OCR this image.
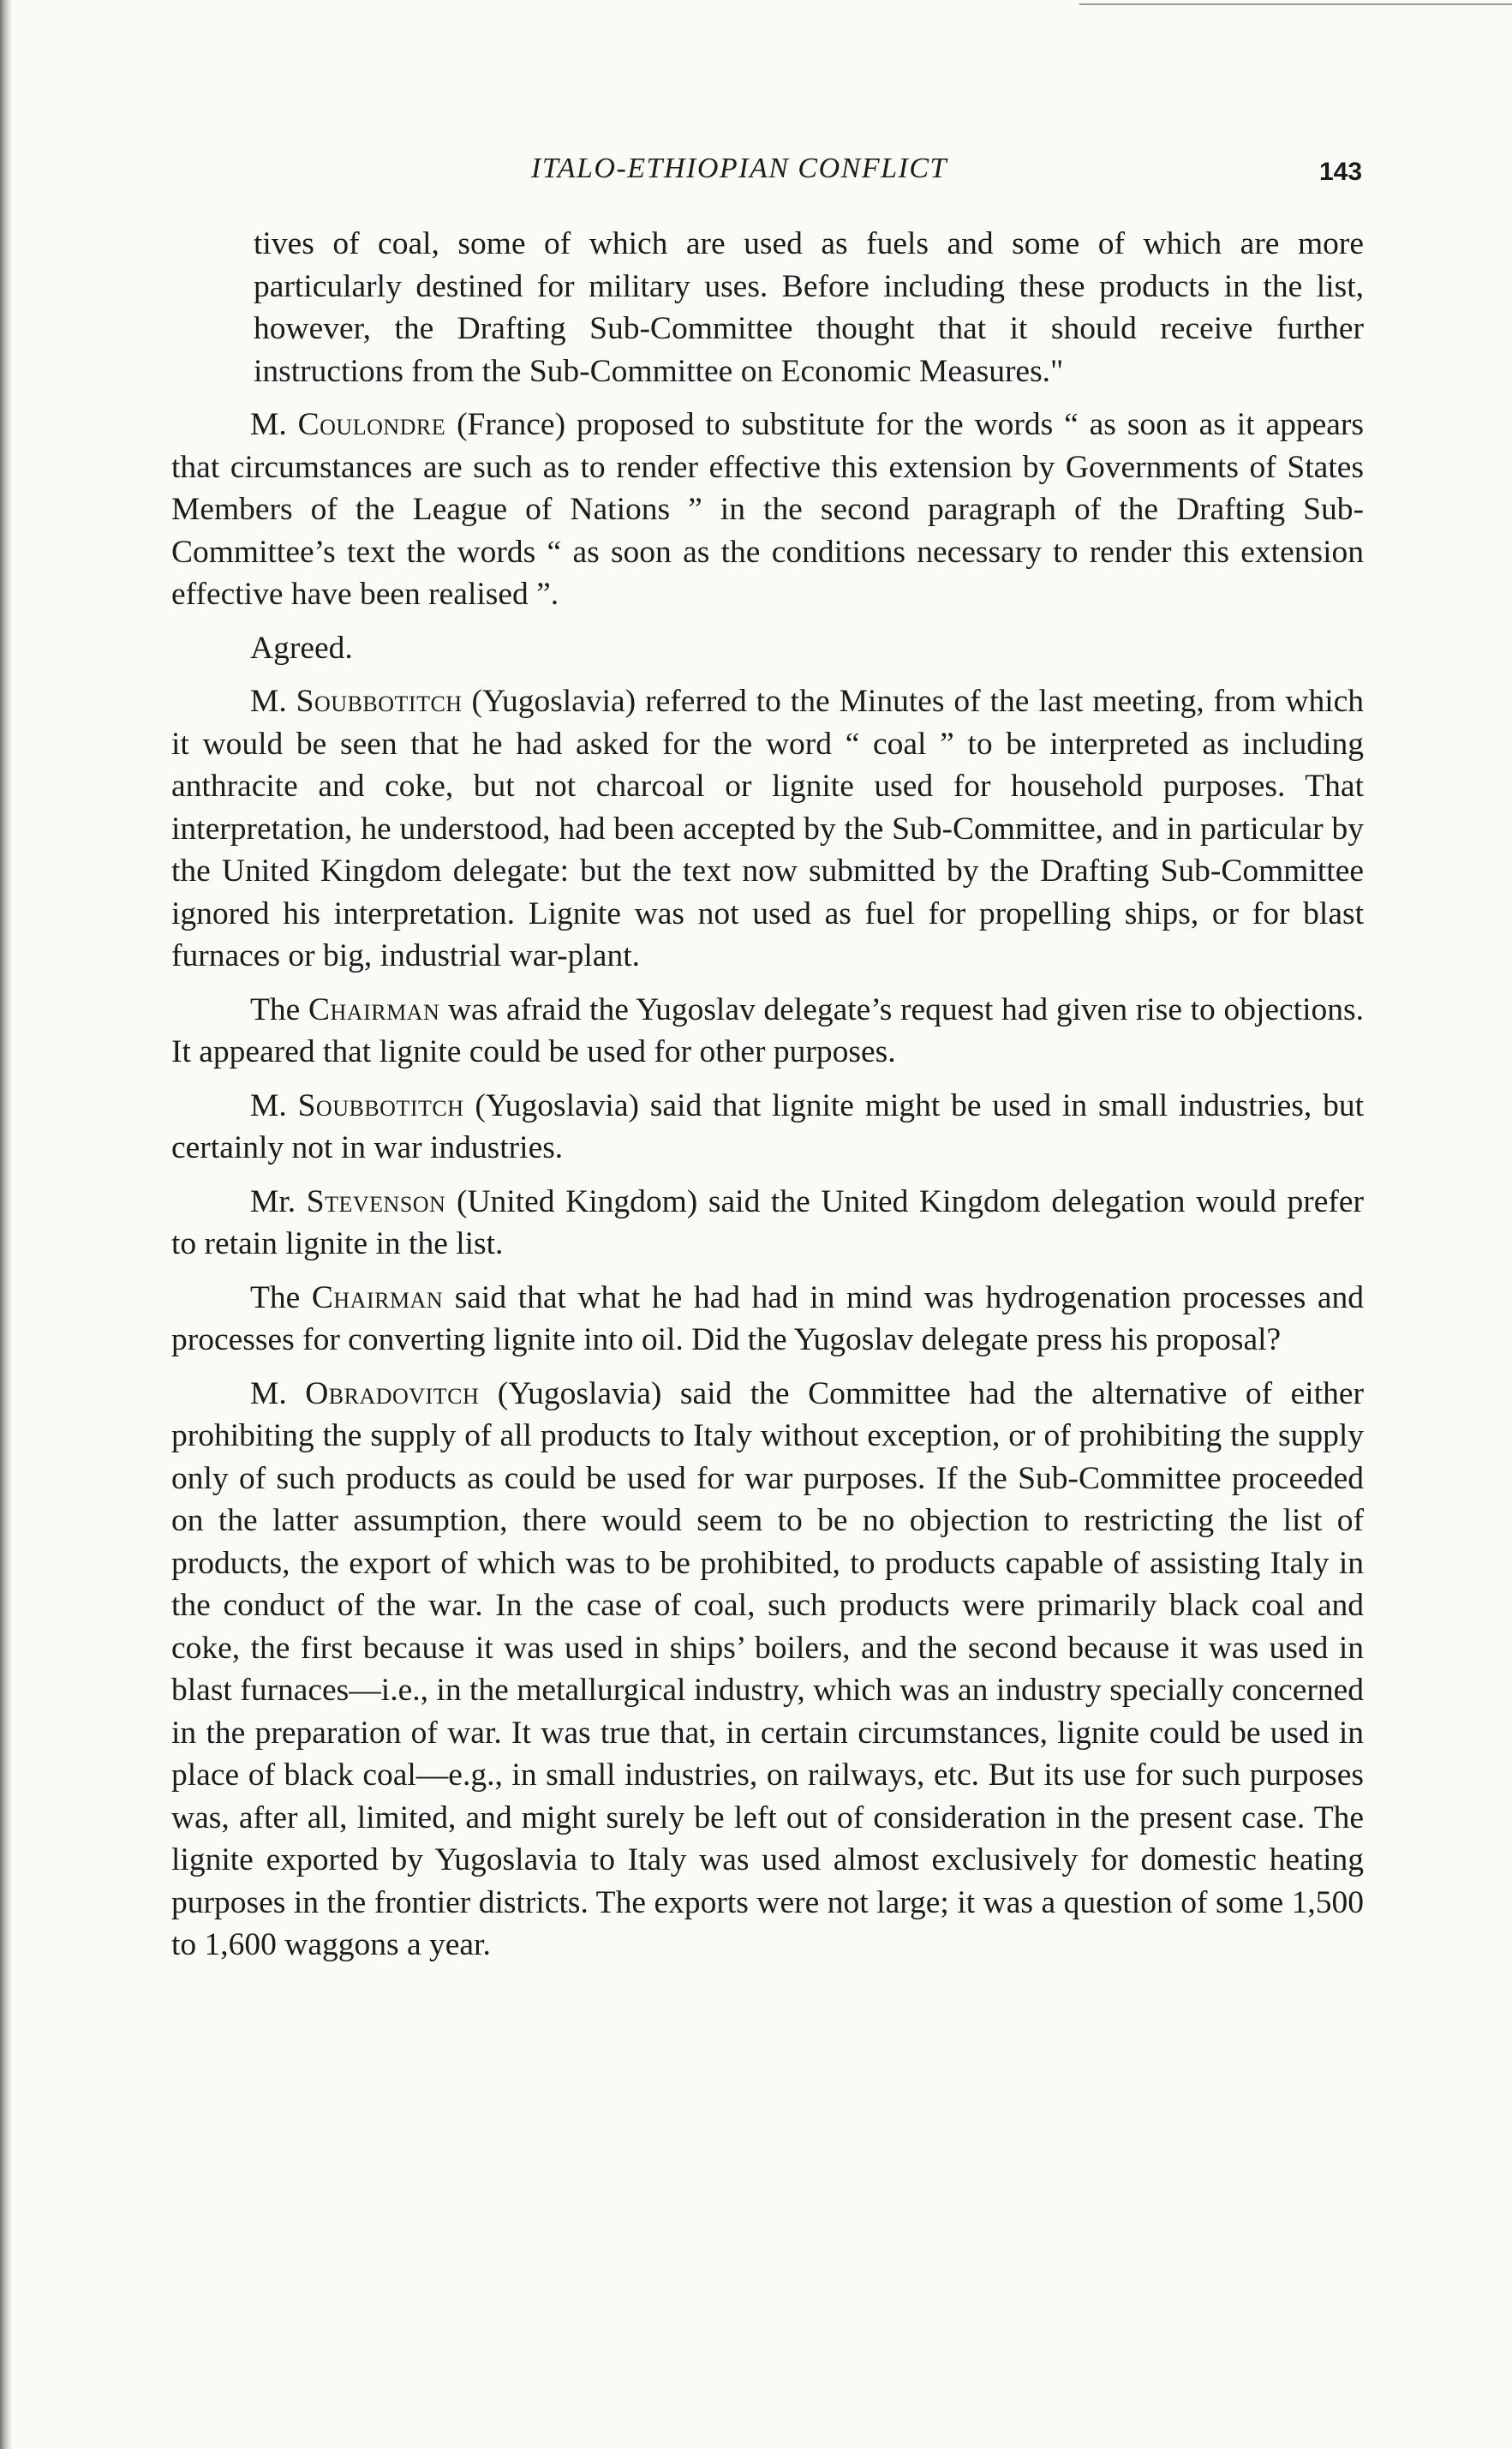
ITALO-ETHIOPIAN CONFLICT	143

tives of coal, some of which are used as fuels and some of which are more particularly destined for military uses. Before including these products in the list, however, the Drafting Sub-Committee thought that it should receive further instructions from the Sub-Committee on Economic Measures."

M. Coulondre (France) proposed to substitute for the words “ as soon as it appears that circumstances are such as to render effective this extension by Governments of States Members of the League of Nations ” in the second paragraph of the Drafting Sub-Committee’s text the words “ as soon as the conditions necessary to render this extension effective have been realised ”.

Agreed.

M. Soubbotitch (Yugoslavia) referred to the Minutes of the last meeting, from which it would be seen that he had asked for the word “ coal ” to be interpreted as including anthracite and coke, but not charcoal or lignite used for household purposes. That interpretation, he understood, had been accepted by the Sub-Committee, and in particular by the United Kingdom delegate: but the text now submitted by the Drafting Sub-Committee ignored his interpretation. Lignite was not used as fuel for propelling ships, or for blast furnaces or big, industrial war-plant.

The Chairman was afraid the Yugoslav delegate’s request had given rise to objections. It appeared that lignite could be used for other purposes.

M. Soubbotitch (Yugoslavia) said that lignite might be used in small industries, but certainly not in war industries.

Mr. Stevenson (United Kingdom) said the United Kingdom delegation would prefer to retain lignite in the list.

The Chairman said that what he had had in mind was hydrogenation processes and processes for converting lignite into oil. Did the Yugoslav delegate press his proposal?

M. Obradovitch (Yugoslavia) said the Committee had the alternative of either prohibiting the supply of all products to Italy without exception, or of prohibiting the supply only of such products as could be used for war purposes. If the Sub-Committee proceeded on the latter assumption, there would seem to be no objection to restricting the list of products, the export of which was to be prohibited, to products capable of assisting Italy in the conduct of the war. In the case of coal, such products were primarily black coal and coke, the first because it was used in ships’ boilers, and the second because it was used in blast furnaces—i.e., in the metallurgical industry, which was an industry specially concerned in the preparation of war. It was true that, in certain circumstances, lignite could be used in place of black coal—e.g., in small industries, on railways, etc. But its use for such purposes was, after all, limited, and might surely be left out of consideration in the present case. The lignite exported by Yugoslavia to Italy was used almost exclusively for domestic heating purposes in the frontier districts. The exports were not large; it was a question of some 1,500 to 1,600 waggons a year.
